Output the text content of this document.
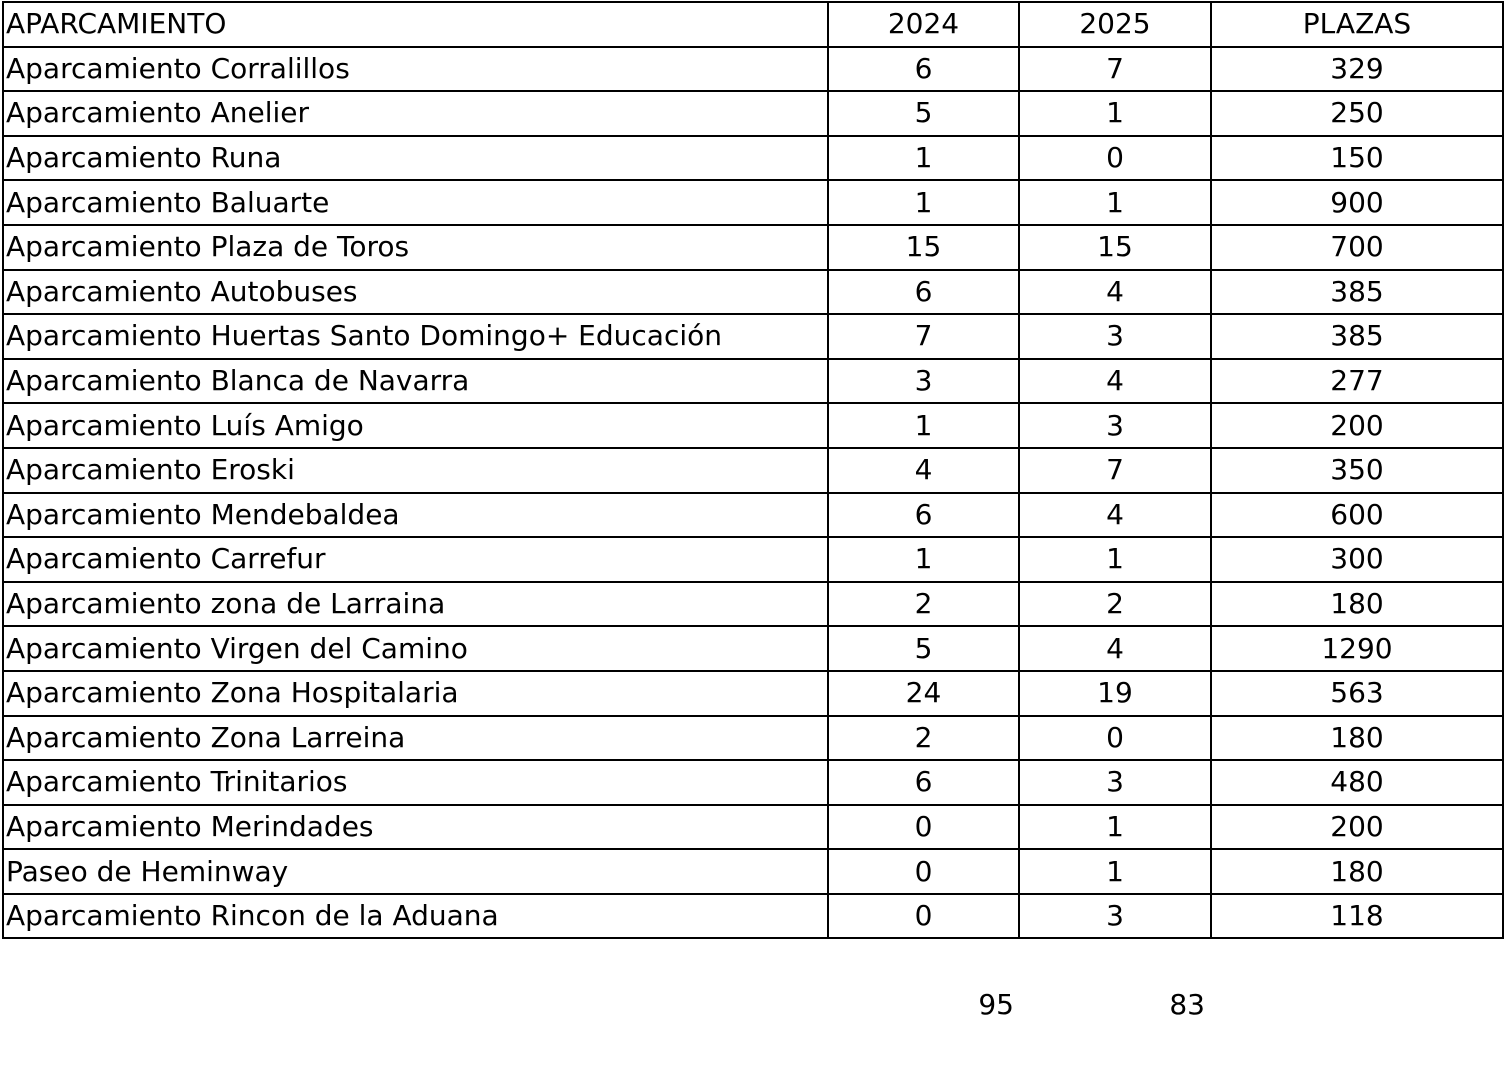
APARCAMIENTO	2024	2025	PLAZAS
Aparcamiento Corralillos	6	7	329
Aparcamiento Anelier	5	1	250
Aparcamiento Runa	1	0	150
Aparcamiento Baluarte	1	1	900
Aparcamiento Plaza de Toros	15	15	700
Aparcamiento Autobuses	6	4	385
Aparcamiento Huertas Santo Domingo+ Educación	7	3	385
Aparcamiento Blanca de Navarra	3	4	277
Aparcamiento Luís Amigo	1	3	200
Aparcamiento Eroski	4	7	350
Aparcamiento Mendebaldea	6	4	600
Aparcamiento Carrefur	1	1	300
Aparcamiento zona de Larraina	2	2	180
Aparcamiento Virgen del Camino	5	4	1290
Aparcamiento Zona Hospitalaria	24	19	563
Aparcamiento Zona Larreina	2	0	180
Aparcamiento Trinitarios	6	3	480
Aparcamiento Merindades	0	1	200
Paseo de Heminway	0	1	180
Aparcamiento Rincon de la Aduana	0	3	118
95	83
